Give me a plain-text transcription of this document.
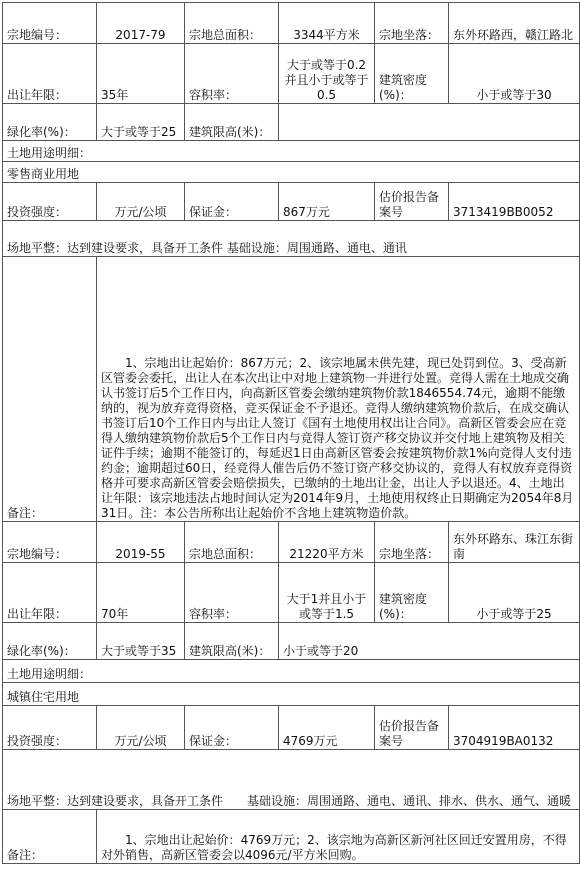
宗地编号：	2017-79	宗地总面积：	3344平方米	宗地坐落：	东外环路西，赣江路北
出让年限：	35年	容积率：	大于或等于0.2并且小于或等于0.5	建筑密度(%)：	小于或等于30
绿化率(%)：	大于或等于25	建筑限高(米)：			
土地用途明细：					
零售商业用地					
投资强度：	万元/公顷	保证金：	867万元	估价报告备案号	3713419BB0052
场地平整：达到建设要求，具备开工条件 基础设施：周围通路、通电、通讯					
备注：	1、宗地出让起始价：867万元；2、该宗地属未供先建，现已处罚到位。3、受高新区管委会委托，出让人在本次出让中对地上建筑物一并进行处置。竞得人需在土地成交确认书签订后5个工作日内，向高新区管委会缴纳建筑物价款1846554.74元，逾期不能缴纳的，视为放弃竞得资格，竞买保证金不予退还。竞得人缴纳建筑物价款后，在成交确认书签订后10个工作日内与出让人签订《国有土地使用权出让合同》。高新区管委会应在竞得人缴纳建筑物价款后5个工作日内与竞得人签订资产移交协议并交付地上建筑物及相关证件手续；逾期不能签订的，每延迟1日由高新区管委会按建筑物价款1%向竞得人支付违约金；逾期超过60日，经竞得人催告后仍不签订资产移交协议的，竞得人有权放弃竞得资格并可要求高新区管委会赔偿损失，已缴纳的土地出让金，出让人予以退还。4、土地出让年限：该宗地违法占地时间认定为2014年9月，土地使用权终止日期确定为2054年8月31日。注：本公告所称出让起始价不含地上建筑物造价款。				

宗地编号：	2019-55	宗地总面积：	21220平方米	宗地坐落：	东外环路东、珠江东街南
出让年限：	70年	容积率：	大于1并且小于或等于1.5	建筑密度(%)：	小于或等于25
绿化率(%)：	大于或等于35	建筑限高(米)：	小于或等于20		
土地用途明细：					
城镇住宅用地					
投资强度：	万元/公顷	保证金：	4769万元	估价报告备案号	3704919BA0132
场地平整：达到建设要求，具备开工条件　　基础设施：周围通路、通电、通讯、排水、供水、通气、通暖					
备注：	1、宗地出让起始价：4769万元；2、该宗地为高新区新河社区回迁安置用房，不得对外销售，高新区管委会以4096元/平方米回购。				
